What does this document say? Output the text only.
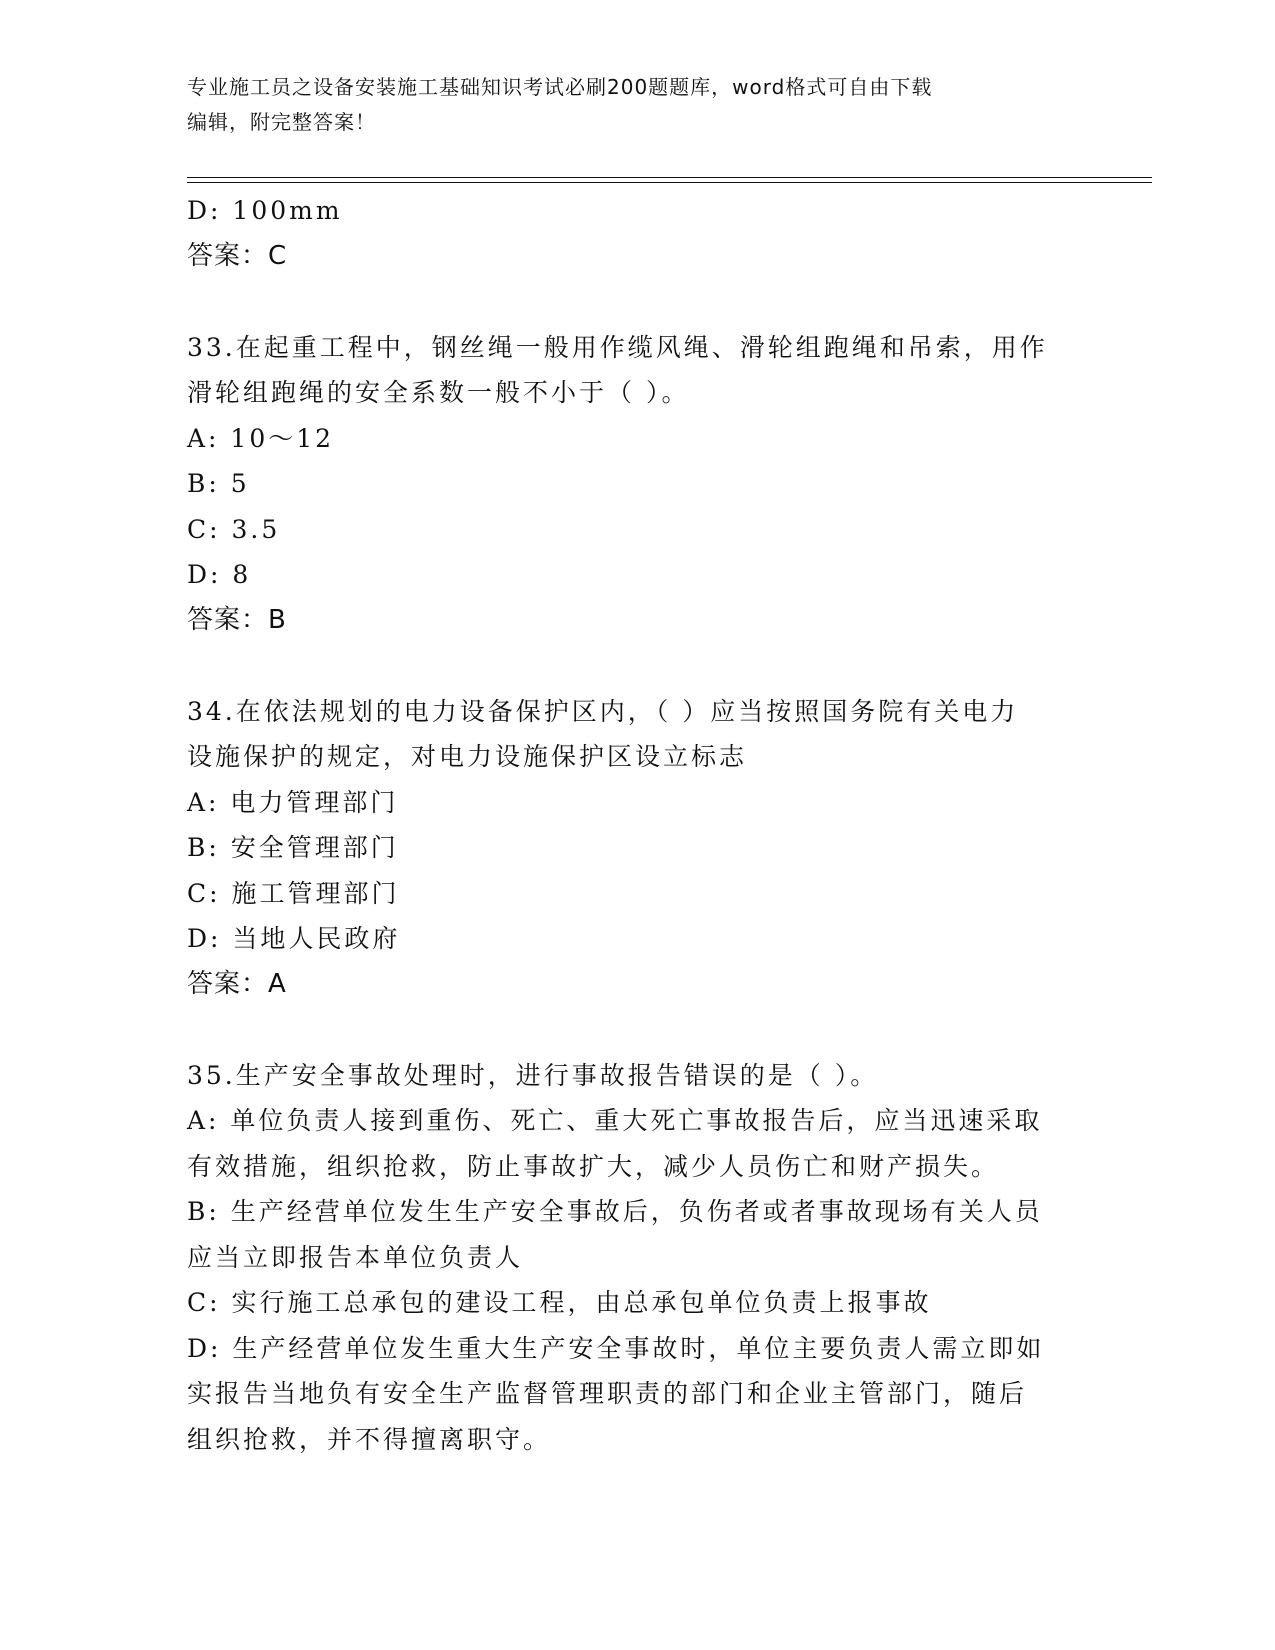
专业施工员之设备安装施工基础知识考试必刷200题题库，word格式可自由下载
编辑，附完整答案！
D: 100mm
答案：C
33.在起重工程中，钢丝绳一般用作缆风绳、滑轮组跑绳和吊索，用作
滑轮组跑绳的安全系数一般不小于（ ）。
A: 10～12
B: 5
C: 3.5
D: 8
答案：B
34.在依法规划的电力设备保护区内，（ ）应当按照国务院有关电力
设施保护的规定，对电力设施保护区设立标志
A: 电力管理部门
B: 安全管理部门
C: 施工管理部门
D: 当地人民政府
答案：A
35.生产安全事故处理时，进行事故报告错误的是（ ）。
A: 单位负责人接到重伤、死亡、重大死亡事故报告后，应当迅速采取
有效措施，组织抢救，防止事故扩大，减少人员伤亡和财产损失。
B: 生产经营单位发生生产安全事故后，负伤者或者事故现场有关人员
应当立即报告本单位负责人
C: 实行施工总承包的建设工程，由总承包单位负责上报事故
D: 生产经营单位发生重大生产安全事故时，单位主要负责人需立即如
实报告当地负有安全生产监督管理职责的部门和企业主管部门，随后
组织抢救，并不得擅离职守。
